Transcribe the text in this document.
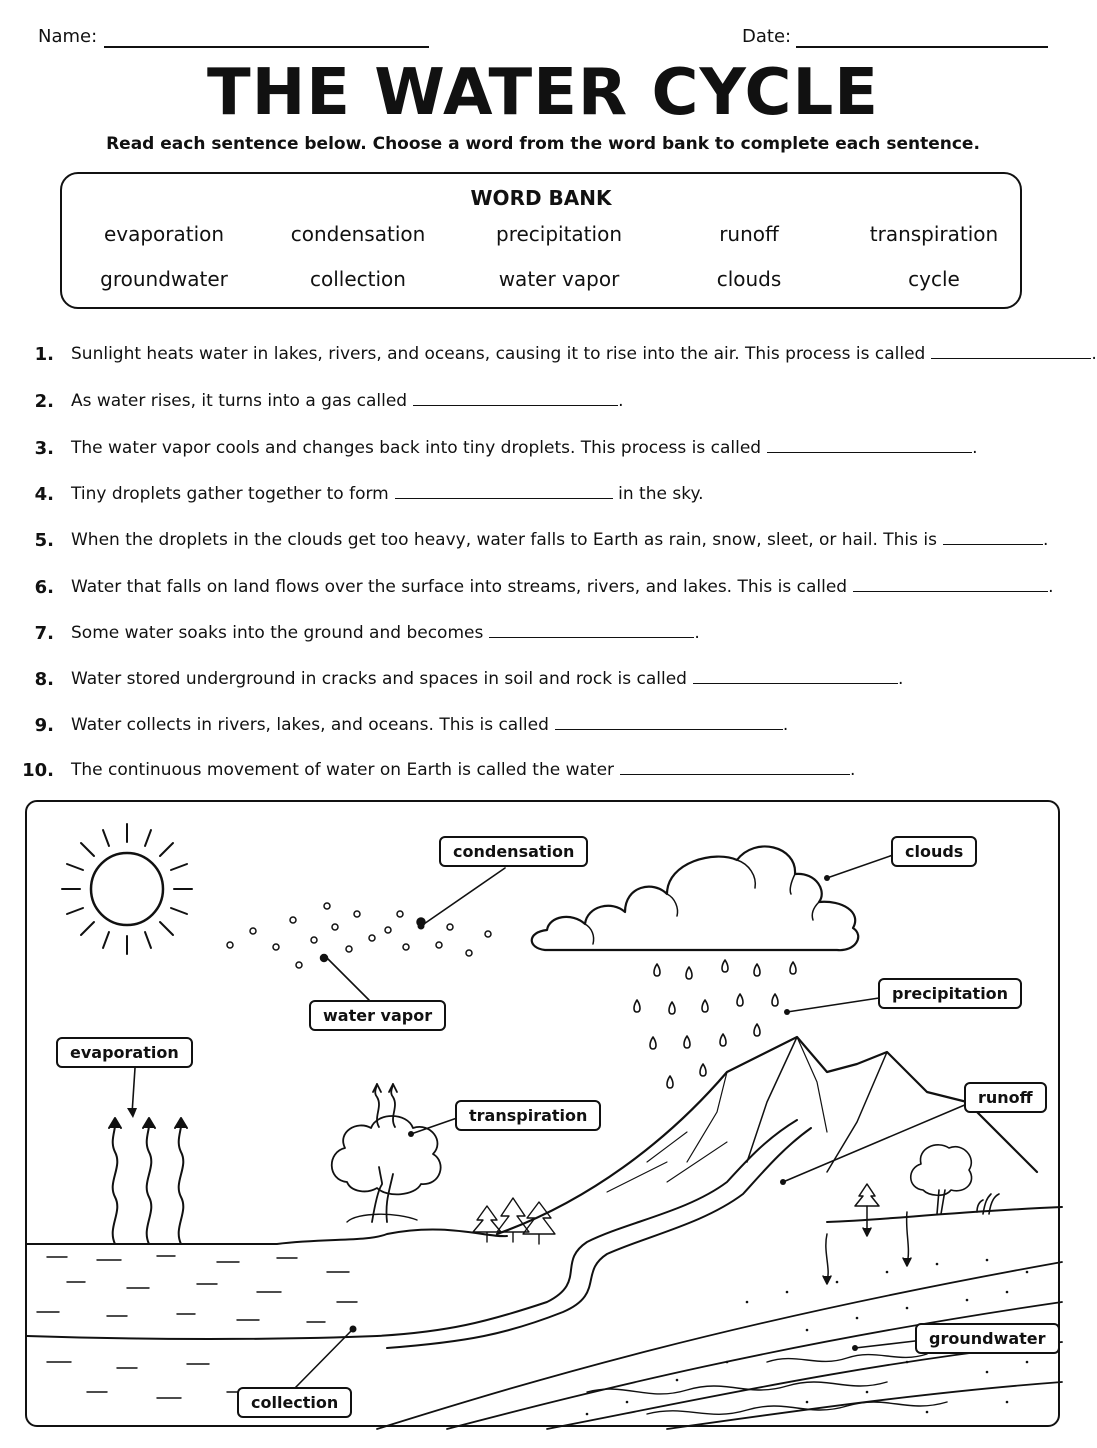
Name:	Date:
THE WATER CYCLE
Read each sentence below. Choose a word from the word bank to complete each sentence.
WORD BANK
evaporation	condensation	precipitation	runoff	transpiration
groundwater	collection	water vapor	clouds	cycle
1. Sunlight heats water in lakes, rivers, and oceans, causing it to rise into the air. This process is called	.
2. As water rises, it turns into a gas called	.
3. The water vapor cools and changes back into tiny droplets. This process is called	.
4. Tiny droplets gather together to form	in the sky.
5. When the droplets in the clouds get too heavy, water falls to Earth as rain, snow, sleet, or hail. This is	.
6. Water that falls on land flows over the surface into streams, rivers, and lakes. This is called	.
7. Some water soaks into the ground and becomes	.
8. Water stored underground in cracks and spaces in soil and rock is called	.
9. Water collects in rivers, lakes, and oceans. This is called	.
10. The continuous movement of water on Earth is called the water	.
condensation	clouds
water vapor
precipitation
evaporation
transpiration
runoff
groundwater
collection
